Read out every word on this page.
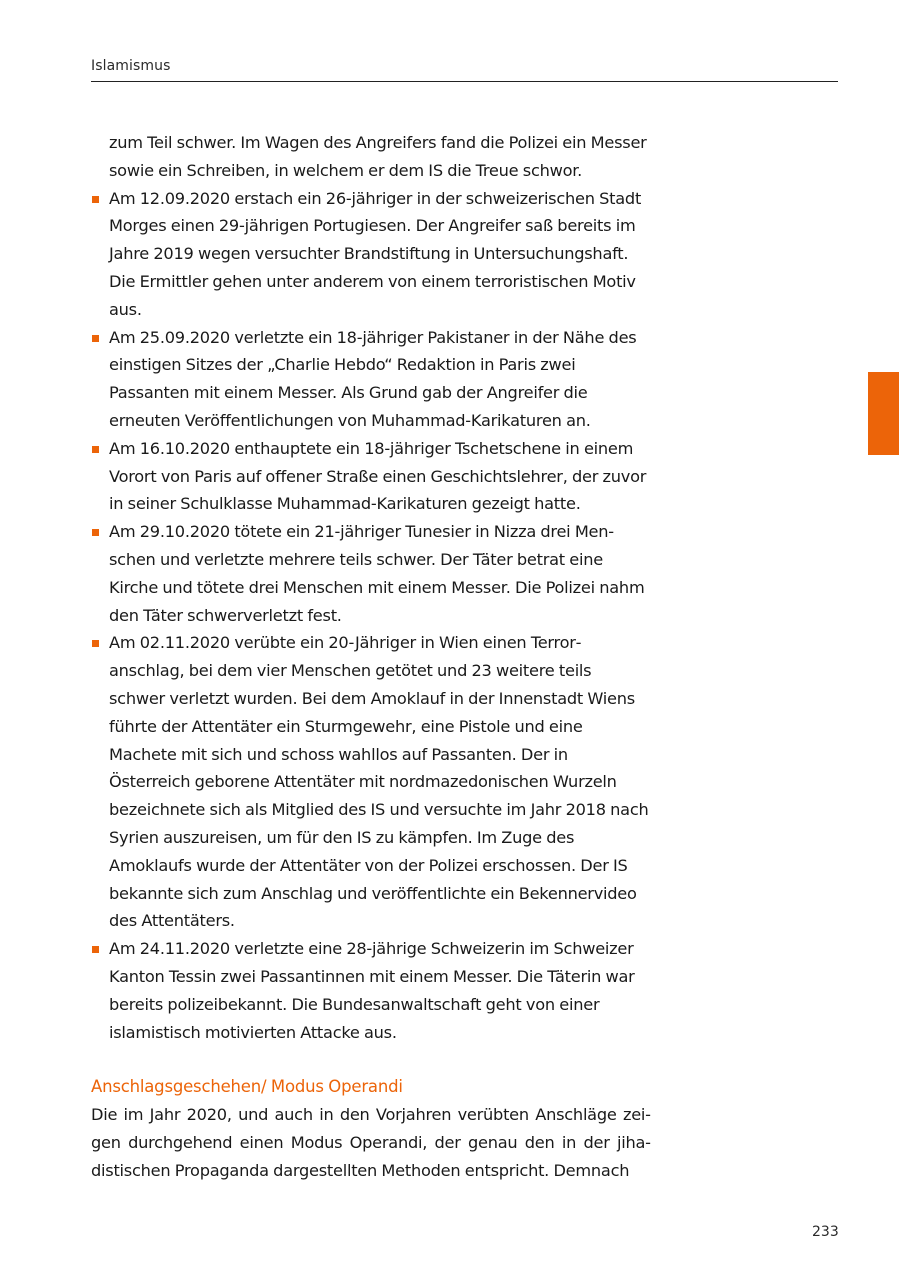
Islamismus

zum Teil schwer. Im Wagen des Angreifers fand die Polizei ein Messer sowie ein Schreiben, in welchem er dem IS die Treue schwor.

Am 12.09.2020 erstach ein 26-jähriger in der schweizerischen Stadt Morges einen 29-jährigen Portugiesen. Der Angreifer saß bereits im Jahre 2019 wegen versuchter Brandstiftung in Untersuchungshaft. Die Ermittler gehen unter anderem von einem terroristischen Motiv aus.
Am 25.09.2020 verletzte ein 18-jähriger Pakistaner in der Nähe des einstigen Sitzes der „Charlie Hebdo“ Redaktion in Paris zwei Passanten mit einem Messer. Als Grund gab der Angreifer die erneuten Veröffentlichungen von Muhammad-Karikaturen an.
Am 16.10.2020 enthauptete ein 18-jähriger Tschetschene in einem Vorort von Paris auf offener Straße einen Geschichtslehrer, der zuvor in seiner Schulklasse Muhammad-Karikaturen gezeigt hatte.
Am 29.10.2020 tötete ein 21-jähriger Tunesier in Nizza drei Menschen und verletzte mehrere teils schwer. Der Täter betrat eine Kirche und tötete drei Menschen mit einem Messer. Die Polizei nahm den Täter schwerverletzt fest.
Am 02.11.2020 verübte ein 20-Jähriger in Wien einen Terroranschlag, bei dem vier Menschen getötet und 23 weitere teils schwer verletzt wurden. Bei dem Amoklauf in der Innenstadt Wiens führte der Attentäter ein Sturmgewehr, eine Pistole und eine Machete mit sich und schoss wahllos auf Passanten. Der in Österreich geborene Attentäter mit nordmazedonischen Wurzeln bezeichnete sich als Mitglied des IS und versuchte im Jahr 2018 nach Syrien auszureisen, um für den IS zu kämpfen. Im Zuge des Amoklaufs wurde der Attentäter von der Polizei erschossen. Der IS bekannte sich zum Anschlag und veröffentlichte ein Bekennervideo des Attentäters.
Am 24.11.2020 verletzte eine 28-jährige Schweizerin im Schweizer Kanton Tessin zwei Passantinnen mit einem Messer. Die Täterin war bereits polizeibekannt. Die Bundesanwaltschaft geht von einer islamistisch motivierten Attacke aus.
Anschlagsgeschehen/ Modus Operandi

Die im Jahr 2020, und auch in den Vorjahren verübten Anschläge zeigen durchgehend einen Modus Operandi, der genau den in der jihadistischen Propaganda dargestellten Methoden entspricht. Demnach

233
